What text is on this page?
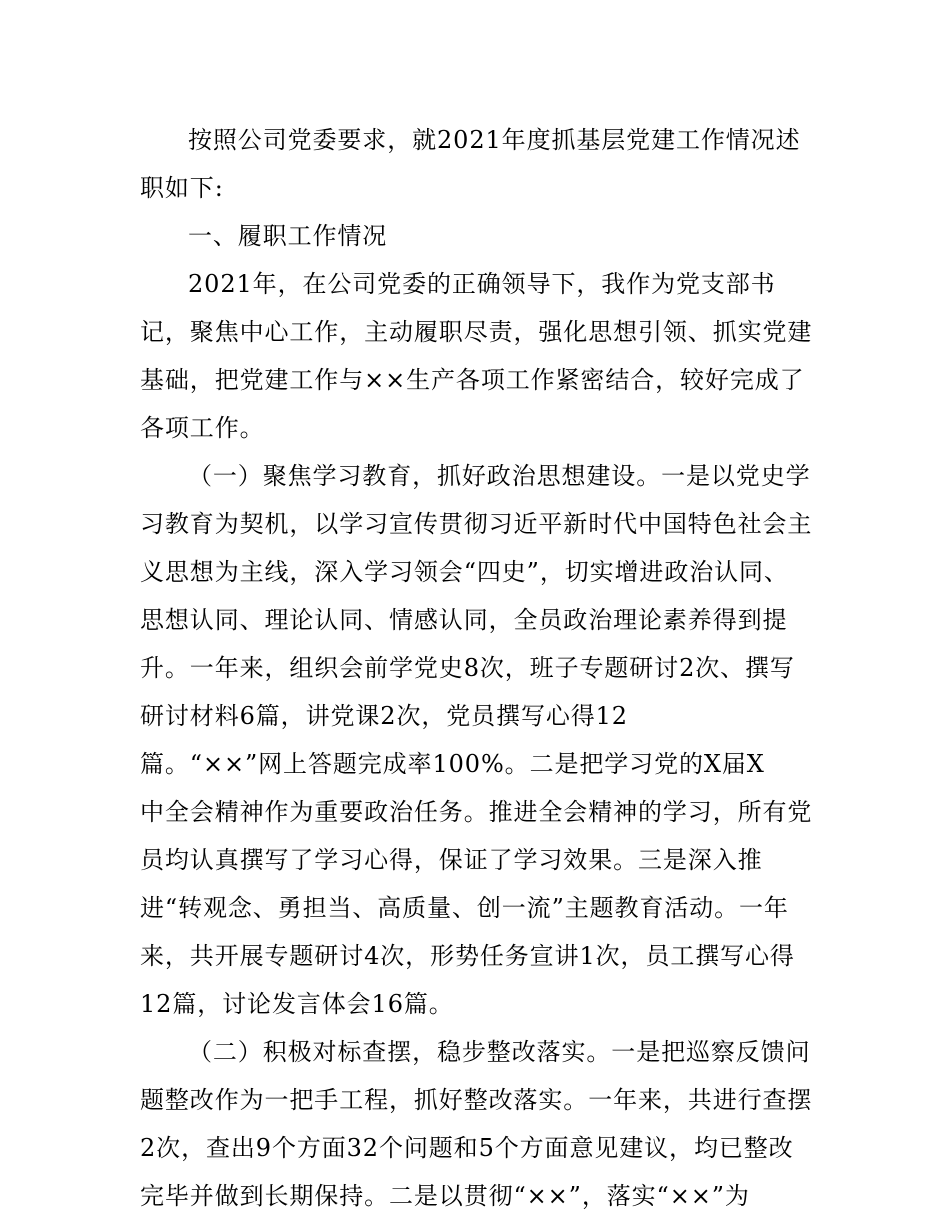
按照公司党委要求，就2021年度抓基层党建工作情况述

职如下:

一、履职工作情况

2021年，在公司党委的正确领导下，我作为党支部书

记，聚焦中心工作，主动履职尽责，强化思想引领、抓实党建

基础，把党建工作与××生产各项工作紧密结合，较好完成了

各项工作。

（一）聚焦学习教育，抓好政治思想建设。一是以党史学

习教育为契机，以学习宣传贯彻习近平新时代中国特色社会主

义思想为主线，深入学习领会“四史”，切实增进政治认同、

思想认同、理论认同、情感认同，全员政治理论素养得到提

升。一年来，组织会前学党史8次，班子专题研讨2次、撰写

研讨材料6篇，讲党课2次，党员撰写心得12

篇。“××”网上答题完成率100%。二是把学习党的X届X

中全会精神作为重要政治任务。推进全会精神的学习，所有党

员均认真撰写了学习心得，保证了学习效果。三是深入推

进“转观念、勇担当、高质量、创一流”主题教育活动。一年

来，共开展专题研讨4次，形势任务宣讲1次，员工撰写心得

12篇，讨论发言体会16篇。

（二）积极对标查摆，稳步整改落实。一是把巡察反馈问

题整改作为一把手工程，抓好整改落实。一年来，共进行查摆

2次，查出9个方面32个问题和5个方面意见建议，均已整改

完毕并做到长期保持。二是以贯彻“××”，落实“××”为
